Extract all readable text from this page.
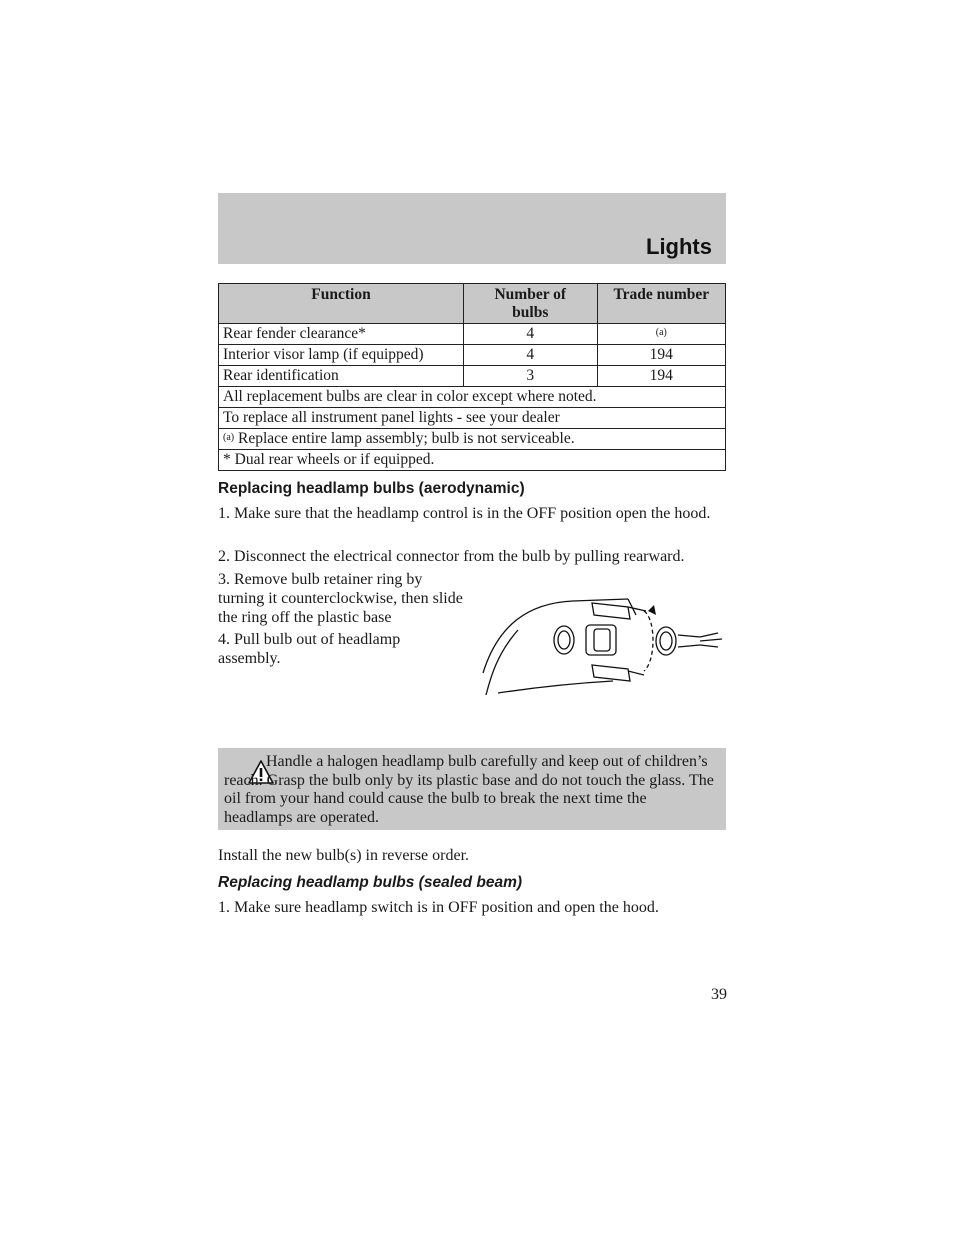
Lights
Function	Number of bulbs	Trade number
Rear fender clearance*	4	$^{(a)}$
Interior visor lamp (if equipped)	4	194
Rear identification	3	194
All replacement bulbs are clear in color except where noted.		
To replace all instrument panel lights - see your dealer		
$^{(a)}$ Replace entire lamp assembly; bulb is not serviceable.		
* Dual rear wheels or if equipped.		
Replacing headlamp bulbs (aerodynamic)
1. Make sure that the headlamp control is in the OFF position open the hood.
2. Disconnect the electrical connector from the bulb by pulling rearward.
3. Remove bulb retainer ring by turning it counterclockwise, then slide the ring off the plastic base
4. Pull bulb out of headlamp assembly.
Handle a halogen headlamp bulb carefully and keep out of children’s reach. Grasp the bulb only by its plastic base and do not touch the glass. The oil from your hand could cause the bulb to break the next time the headlamps are operated.
Install the new bulb(s) in reverse order.
Replacing headlamp bulbs (sealed beam)
1. Make sure headlamp switch is in OFF position and open the hood.
39
